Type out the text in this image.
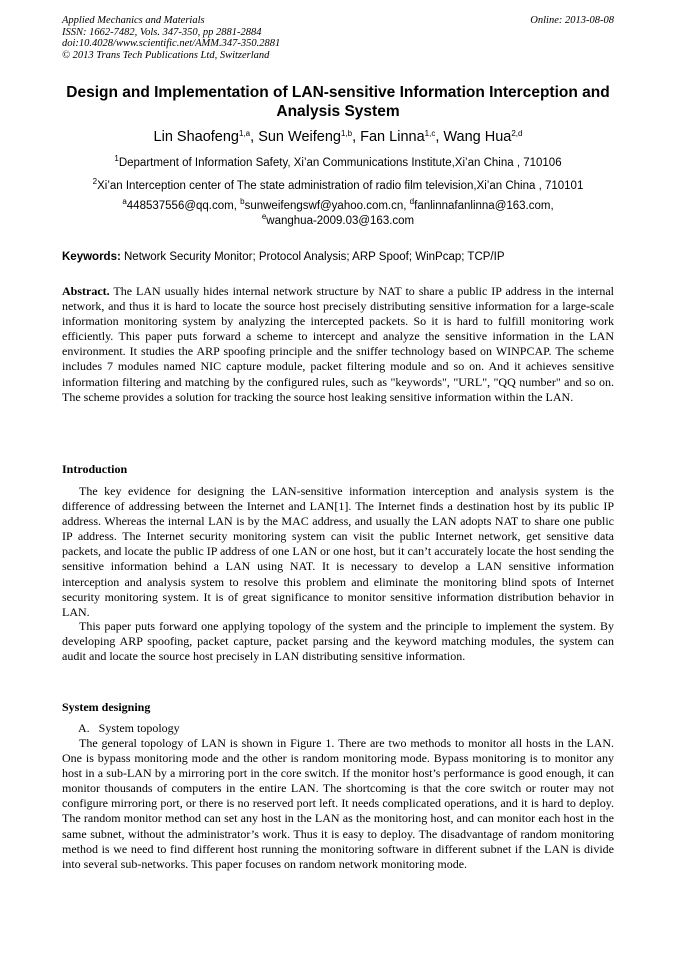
Applied Mechanics and Materials
ISSN: 1662-7482, Vols. 347-350, pp 2881-2884
doi:10.4028/www.scientific.net/AMM.347-350.2881
© 2013 Trans Tech Publications Ltd, Switzerland
Online: 2013-08-08
Design and Implementation of LAN-sensitive Information Interception and Analysis System
Lin Shaofeng$^{1,a}$, Sun Weifeng$^{1,b}$, Fan Linna$^{1,c}$, Wang Hua$^{2,d}$
$^1$Department of Information Safety, Xi’an Communications Institute,Xi’an China , 710106
$^2$Xi’an Interception center of The state administration of radio film television,Xi’an China , 710101
$^a$448537556@qq.com, $^b$sunweifengswf@yahoo.com.cn, $^d$fanlinnafanlinna@163.com,
$^e$wanghua-2009.03@163.com
Keywords: Network Security Monitor; Protocol Analysis; ARP Spoof; WinPcap; TCP/IP
Abstract. The LAN usually hides internal network structure by NAT to share a public IP address in the internal network, and thus it is hard to locate the source host precisely distributing sensitive information for a large-scale information monitoring system by analyzing the intercepted packets. So it is hard to fulfill monitoring work efficiently. This paper puts forward a scheme to intercept and analyze the sensitive information in the LAN environment. It studies the ARP spoofing principle and the sniffer technology based on WINPCAP. The scheme includes 7 modules named NIC capture module, packet filtering module and so on. And it achieves sensitive information filtering and matching by the configured rules, such as "keywords", "URL", "QQ number" and so on. The scheme provides a solution for tracking the source host leaking sensitive information within the LAN.
Introduction
The key evidence for designing the LAN-sensitive information interception and analysis system is the difference of addressing between the Internet and LAN[1]. The Internet finds a destination host by its public IP address. Whereas the internal LAN is by the MAC address, and usually the LAN adopts NAT to share one public IP address. The Internet security monitoring system can visit the public Internet network, get sensitive data packets, and locate the public IP address of one LAN or one host, but it can’t accurately locate the host sending the sensitive information behind a LAN using NAT. It is necessary to develop a LAN sensitive information interception and analysis system to resolve this problem and eliminate the monitoring blind spots of Internet security monitoring system. It is of great significance to monitor sensitive information distribution behavior in LAN.
This paper puts forward one applying topology of the system and the principle to implement the system. By developing ARP spoofing, packet capture, packet parsing and the keyword matching modules, the system can audit and locate the source host precisely in LAN distributing sensitive information.
System designing
A.   System topology
The general topology of LAN is shown in Figure 1. There are two methods to monitor all hosts in the LAN. One is bypass monitoring mode and the other is random monitoring mode. Bypass monitoring is to monitor any host in a sub-LAN by a mirroring port in the core switch. If the monitor host’s performance is good enough, it can monitor thousands of computers in the entire LAN. The shortcoming is that the core switch or router may not configure mirroring port, or there is no reserved port left. It needs complicated operations, and it is hard to deploy. The random monitor method can set any host in the LAN as the monitoring host, and can monitor each host in the same subnet, without the administrator’s work. Thus it is easy to deploy. The disadvantage of random monitoring method is we need to find different host running the monitoring software in different subnet if the LAN is divide into several sub-networks. This paper focuses on random network monitoring mode.
